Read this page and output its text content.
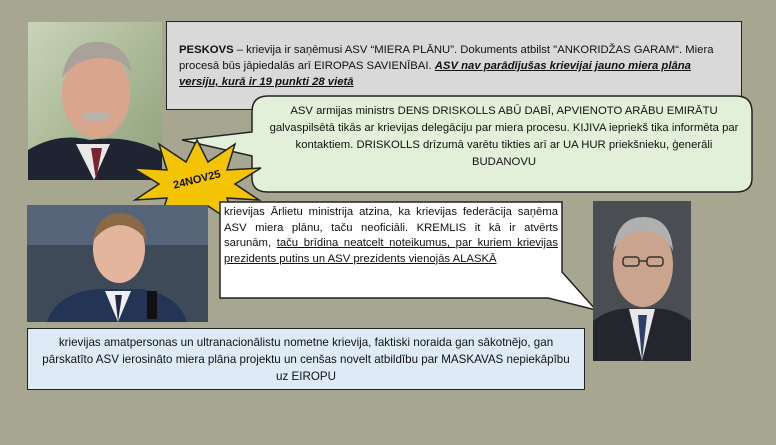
PESKOVS – krievija ir saņēmusi ASV “MIERA PLĀNU”. Dokuments atbilst "ANKORIDŽAS GARAM“. Miera procesā būs jāpiedalās arī EIROPAS SAVIENĪBAI. ASV nav parādījušas krievijai jauno miera plāna versiju, kurā ir 19 punkti 28 vietā
ASV armijas ministrs DENS DRISKOLLS ABŪ DABĪ, APVIENOTO ARĀBU EMIRĀTU galvaspilsētā tikās ar krievijas delegāciju par miera procesu. KIJIVA iepriekš tika informēta par kontaktiem. DRISKOLLS drīzumā varētu tikties arī ar UA HUR priekšnieku, ģenerāli BUDANOVU
24NOV25
krievijas Ārlietu ministrija atzina, ka krievijas federācija saņēma ASV miera plānu, taču neoficiāli. KREMLIS it kā ir atvērts sarunām, taču brīdina neatcelt noteikumus, par kuriem krievijas prezidents putins un ASV prezidents vienojās ALASKĀ
krievijas amatpersonas un ultranacionālistu nometne krievija, faktiski noraida gan sākotnējo, gan pārskatīto ASV ierosināto miera plāna projektu un cenšas novelt atbildību par MASKAVAS nepiekāpību uz EIROPU
